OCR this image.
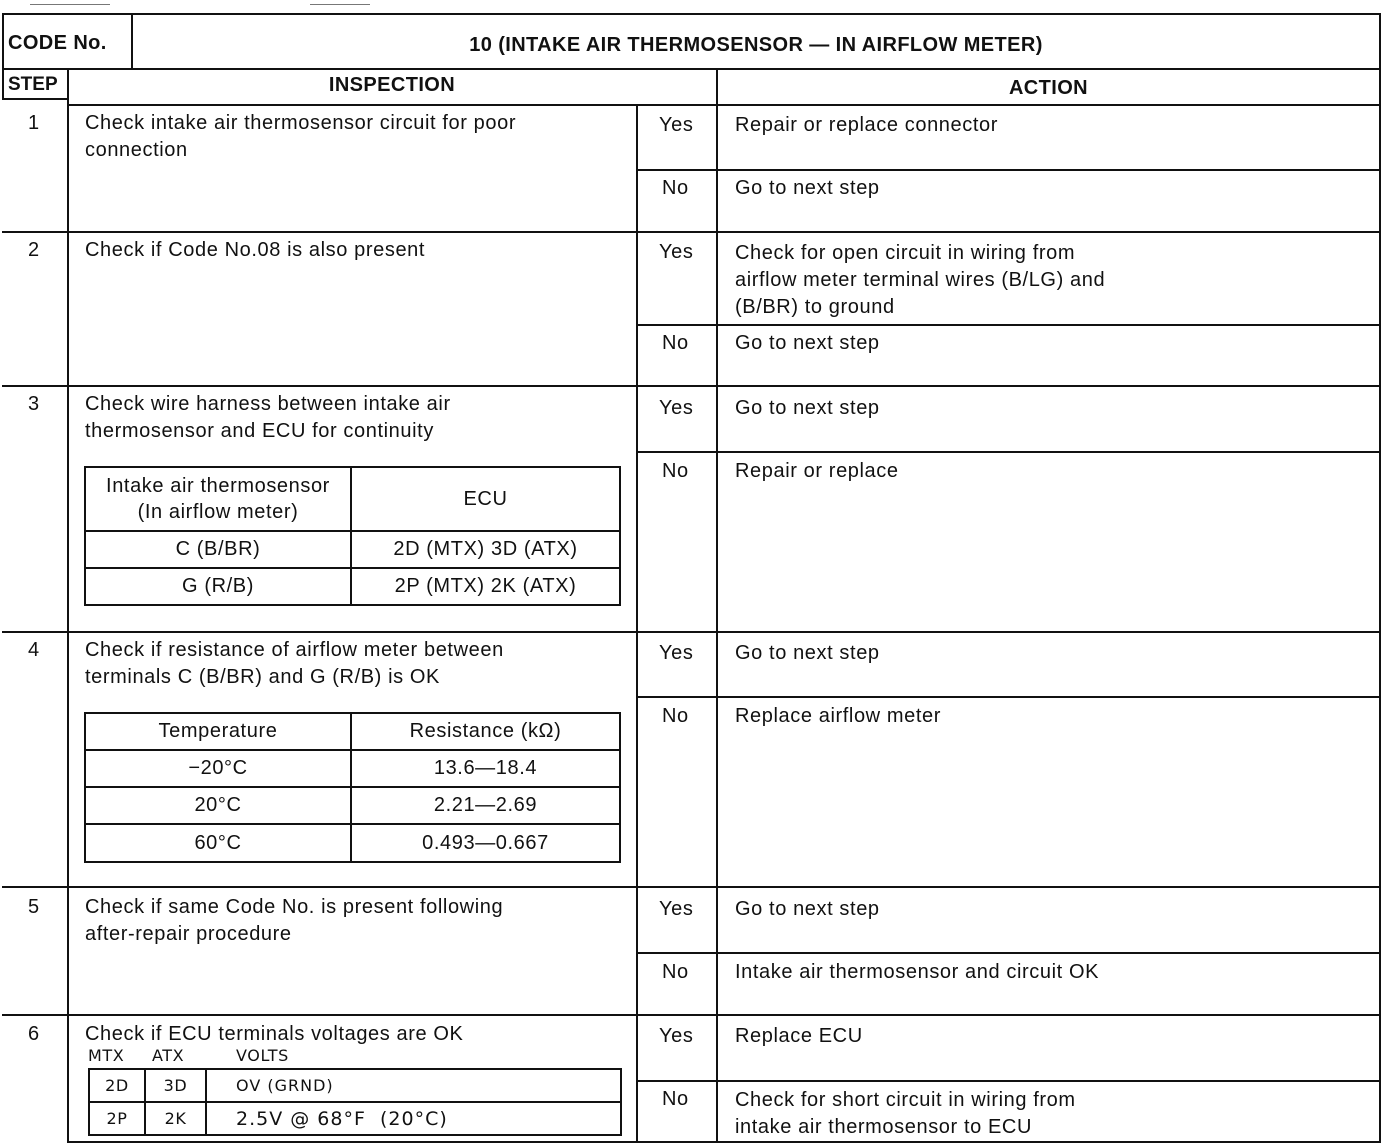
CODE No.	10 (INTAKE AIR THERMOSENSOR — IN AIRFLOW METER)
STEP	INSPECTION	ACTION
1 Check intake air thermosensor circuit for poor
connection
Yes Repair or replace connector
No Go to next step
2 Check if Code No.08 is also present	Yes Check for open circuit in wiring from
airflow meter terminal wires (B/LG) and
(B/BR) to ground
No Go to next step
3 Check wire harness between intake air
thermosensor and ECU for continuity
Yes Go to next step
No Repair or replace
Intake air thermosensor
(In airflow meter)
ECU
C (B/BR)	2D (MTX) 3D (ATX)
G (R/B)	2P (MTX) 2K (ATX)
4 Check if resistance of airflow meter between
terminals C (B/BR) and G (R/B) is OK
Yes Go to next step
No Replace airflow meter
Temperature	Resistance (kΩ)
−20°C	13.6—18.4
20°C	2.21—2.69
60°C	0.493—0.667
5 Check if same Code No. is present following
after-repair procedure
Yes Go to next step
No Intake air thermosensor and circuit OK
6 Check if ECU terminals voltages are OK	Yes Replace ECU
No Check for short circuit in wiring from
intake air thermosensor to ECU
MTX ATX	VOLTS
2D	3D	OV (GRND)
2P	2K	2.5V @ 68°F  (20°C)
